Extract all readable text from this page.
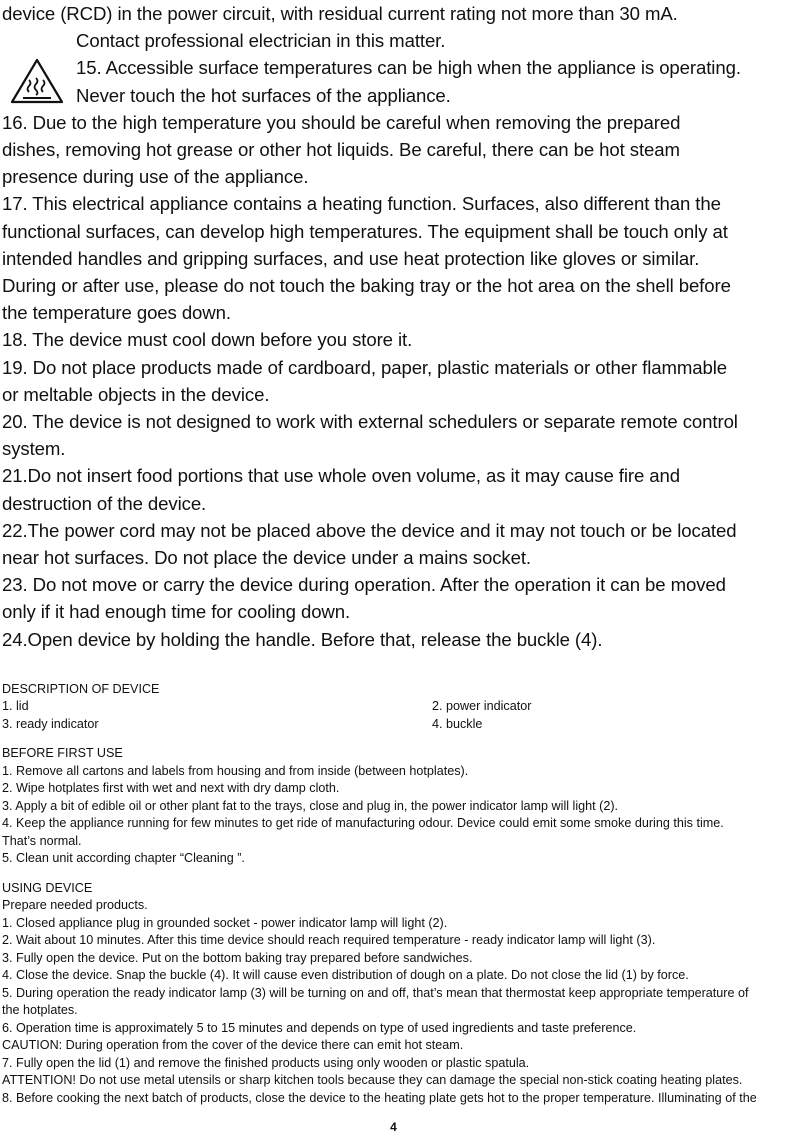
device (RCD) in the power circuit, with residual current rating not more than 30 mA.
Contact professional electrician in this matter.
15. Accessible surface temperatures can be high when the appliance is operating.
Never touch the hot surfaces of the appliance.
16. Due to the high temperature you should be careful when removing the prepared
dishes, removing hot grease or other hot liquids. Be careful, there can be hot steam
presence during use of the appliance.
17. This electrical appliance contains a heating function. Surfaces, also different than the
functional surfaces, can develop high temperatures. The equipment shall be touch only at
intended handles and gripping surfaces, and use heat protection like gloves or similar.
During or after use, please do not touch the baking tray or the hot area on the shell before
the temperature goes down.
18. The device must cool down before you store it.
19. Do not place products made of cardboard, paper, plastic materials or other flammable
or meltable objects in the device.
20. The device is not designed to work with external schedulers or separate remote control
system.
21.Do not insert food portions that use whole oven volume, as it may cause fire and
destruction of the device.
22.The power cord may not be placed above the device and it may not touch or be located
near hot surfaces. Do not place the device under a mains socket.
23. Do not move or carry the device during operation. After the operation it can be moved
only if it had enough time for cooling down.
24.Open device by holding the handle. Before that, release the buckle (4).
DESCRIPTION OF DEVICE
1. lid	2. power indicator
3. ready indicator	4. buckle
BEFORE FIRST USE
1. Remove all cartons and labels from housing and from inside (between hotplates).
2. Wipe hotplates first with wet and next with dry damp cloth.
3. Apply a bit of edible oil or other plant fat to the trays, close and plug in, the power indicator lamp will light (2).
4. Keep the appliance running for few minutes to get ride of manufacturing odour. Device could emit some smoke during this time.
That’s normal.
5. Clean unit according chapter “Cleaning ”.
USING DEVICE
Prepare needed products.
1. Closed appliance plug in grounded socket - power indicator lamp will light (2).
2. Wait about 10 minutes. After this time device should reach required temperature - ready indicator lamp will light (3).
3. Fully open the device. Put on the bottom baking tray prepared before sandwiches.
4. Close the device. Snap the buckle (4). It will cause even distribution of dough on a plate. Do not close the lid (1) by force.
5. During operation the ready indicator lamp (3) will be turning on and off, that’s mean that thermostat keep appropriate temperature of
the hotplates.
6. Operation time is approximately 5 to 15 minutes and depends on type of used ingredients and taste preference.
CAUTION: During operation from the cover of the device there can emit hot steam.
7. Fully open the lid (1) and remove the finished products using only wooden or plastic spatula.
ATTENTION! Do not use metal utensils or sharp kitchen tools because they can damage the special non-stick coating heating plates.
8. Before cooking the next batch of products, close the device to the heating plate gets hot to the proper temperature. Illuminating of the
4
